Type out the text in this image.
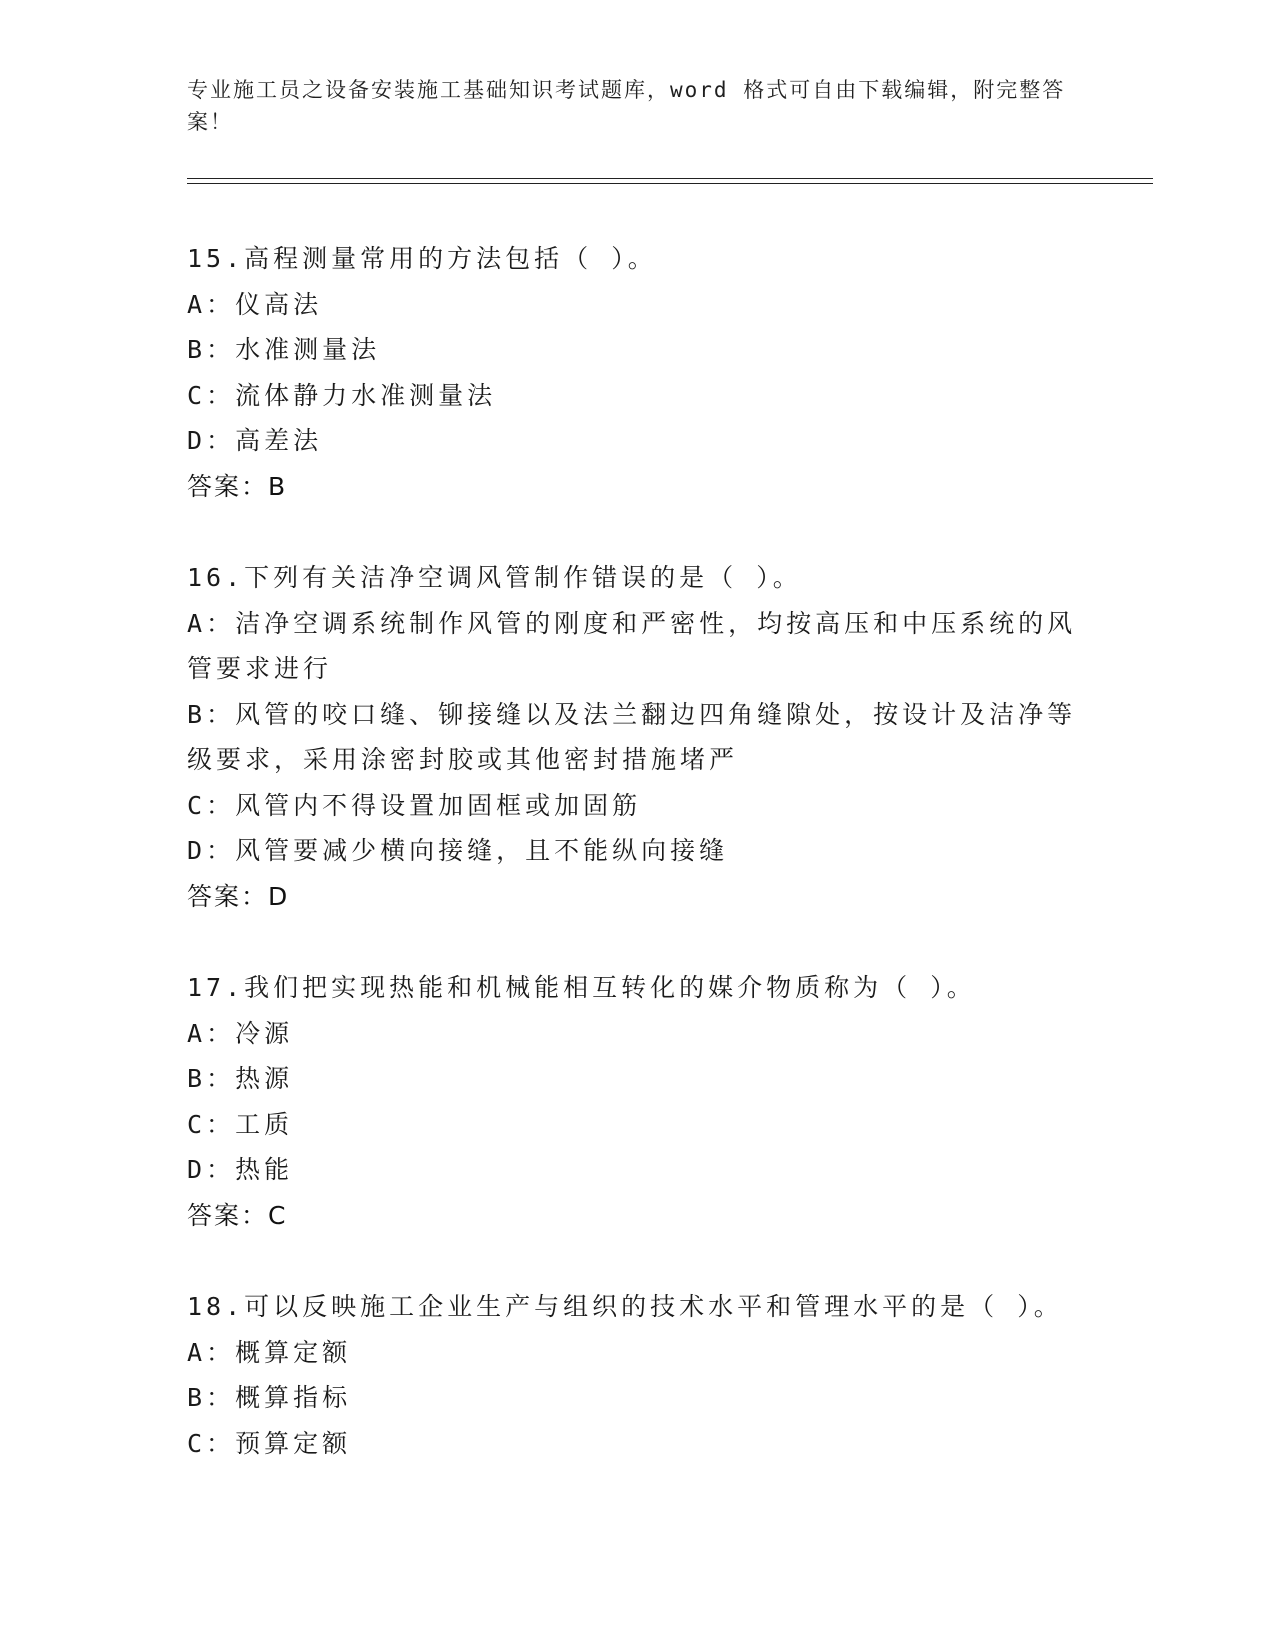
专业施工员之设备安装施工基础知识考试题库，word 格式可自由下载编辑，附完整答案！
15.高程测量常用的方法包括（ ）。
A：仪高法
B：水准测量法
C：流体静力水准测量法
D：高差法
答案：B
16.下列有关洁净空调风管制作错误的是（ ）。
A：洁净空调系统制作风管的刚度和严密性，均按高压和中压系统的风管要求进行
B：风管的咬口缝、铆接缝以及法兰翻边四角缝隙处，按设计及洁净等级要求，采用涂密封胶或其他密封措施堵严
C：风管内不得设置加固框或加固筋
D：风管要减少横向接缝，且不能纵向接缝
答案：D
17.我们把实现热能和机械能相互转化的媒介物质称为（ ）。
A：冷源
B：热源
C：工质
D：热能
答案：C
18.可以反映施工企业生产与组织的技术水平和管理水平的是（ ）。
A：概算定额
B：概算指标
C：预算定额
